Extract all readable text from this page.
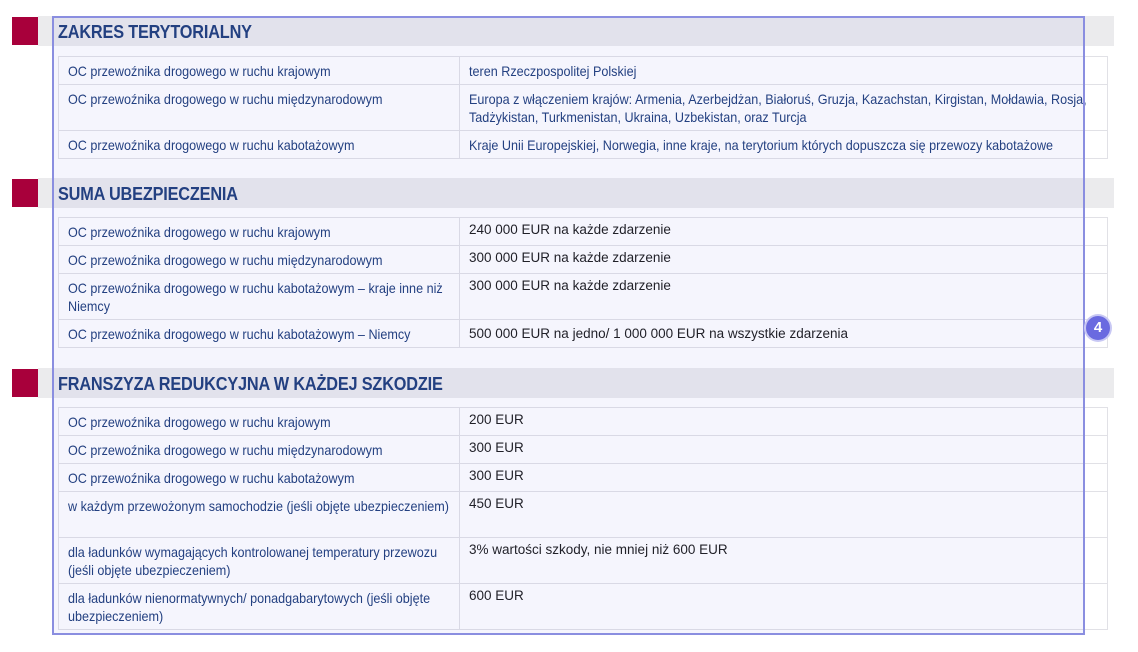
ZAKRES TERYTORIALNY
OC przewoźnika drogowego w ruchu krajowym	teren Rzeczpospolitej Polskiej
OC przewoźnika drogowego w ruchu międzynarodowym	Europa z włączeniem krajów: Armenia, Azerbejdżan, Białoruś, Gruzja, Kazachstan, Kirgistan, Mołdawia, Rosja, Tadżykistan, Turkmenistan, Ukraina, Uzbekistan, oraz Turcja
OC przewoźnika drogowego w ruchu kabotażowym	Kraje Unii Europejskiej, Norwegia, inne kraje, na terytorium których dopuszcza się przewozy kabotażowe
SUMA UBEZPIECZENIA
OC przewoźnika drogowego w ruchu krajowym	240 000 EUR na każde zdarzenie
OC przewoźnika drogowego w ruchu międzynarodowym	300 000 EUR na każde zdarzenie
OC przewoźnika drogowego w ruchu kabotażowym – kraje inne niż Niemcy	300 000 EUR na każde zdarzenie
OC przewoźnika drogowego w ruchu kabotażowym – Niemcy	500 000 EUR na jedno/ 1 000 000 EUR na wszystkie zdarzenia
FRANSZYZA REDUKCYJNA W KAŻDEJ SZKODZIE
OC przewoźnika drogowego w ruchu krajowym	200 EUR
OC przewoźnika drogowego w ruchu międzynarodowym	300 EUR
OC przewoźnika drogowego w ruchu kabotażowym	300 EUR
w każdym przewożonym samochodzie (jeśli objęte ubezpieczeniem)	450 EUR
dla ładunków wymagających kontrolowanej temperatury przewozu (jeśli objęte ubezpieczeniem)	3% wartości szkody, nie mniej niż 600 EUR
dla ładunków nienormatywnych/ ponadgabarytowych (jeśli objęte ubezpieczeniem)	600 EUR
4
